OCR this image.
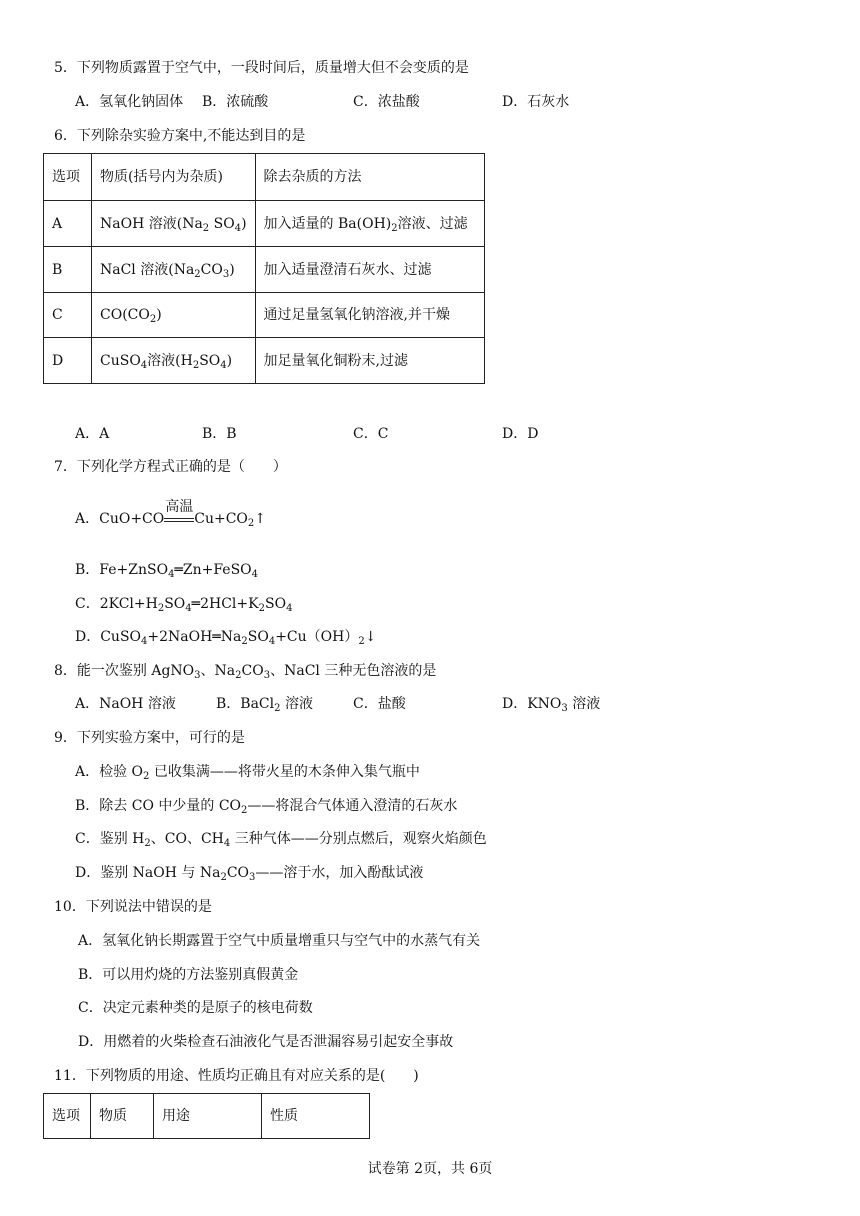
5．下列物质露置于空气中，一段时间后，质量增大但不会变质的是
A．氢氧化钠固体 B．浓硫酸	C．浓盐酸	D．石灰水
6．下列除杂实验方案中,不能达到目的是
选项	物质(括号内为杂质)	除去杂质的方法
A	NaOH 溶液($Na_2$ $SO_4$)	加入适量的 $Ba(OH)_2$溶液、过滤
B	NaCl 溶液$(Na_2CO_3)$	加入适量澄清石灰水、过滤
C	$CO(CO_2)$	通过足量氢氧化钠溶液,并干燥
D	CuSO$_4$溶液$(H_2SO_4)$	加足量氧化铜粉末,过滤
A．A	B．B	C．C	D．D
7．下列化学方程式正确的是（　　）
A．CuO+CO
高温
$Cu+CO_2↑$
B．Fe+ZnSO$_4$═Zn+FeSO$_4$
C．$2KCl+H_2SO_4═2HCl+K_2SO_4$
D．$CuSO_4+2NaOH═Na_2SO_4+Cu(OH)_2↓$
8．能一次鉴别 AgNO$_3$、$Na_2CO_3$、NaCl 三种无色溶液的是
A．NaOH 溶液	B．BaCl$_2$ 溶液	C．盐酸	D．$KNO_3$ 溶液
9．下列实验方案中，可行的是
A．检验 $O_2$ 已收集满——将带火星的木条伸入集气瓶中
B．除去 CO 中少量的 $CO_2——$将混合气体通入澄清的石灰水
C．鉴别 $H_2$、CO、$CH_4$ 三种气体——分别点燃后，观察火焰颜色
D．鉴别 NaOH 与 $Na_2CO_3——$溶于水，加入酚酞试液
10．下列说法中错误的是
A．氢氧化钠长期露置于空气中质量增重只与空气中的水蒸气有关
B．可以用灼烧的方法鉴别真假黄金
C．决定元素种类的是原子的核电荷数
D．用燃着的火柴检查石油液化气是否泄漏容易引起安全事故
11．下列物质的用途、性质均正确且有对应关系的是(　　)
选项	物质	用途	性质
试卷第 2页，共 6页
